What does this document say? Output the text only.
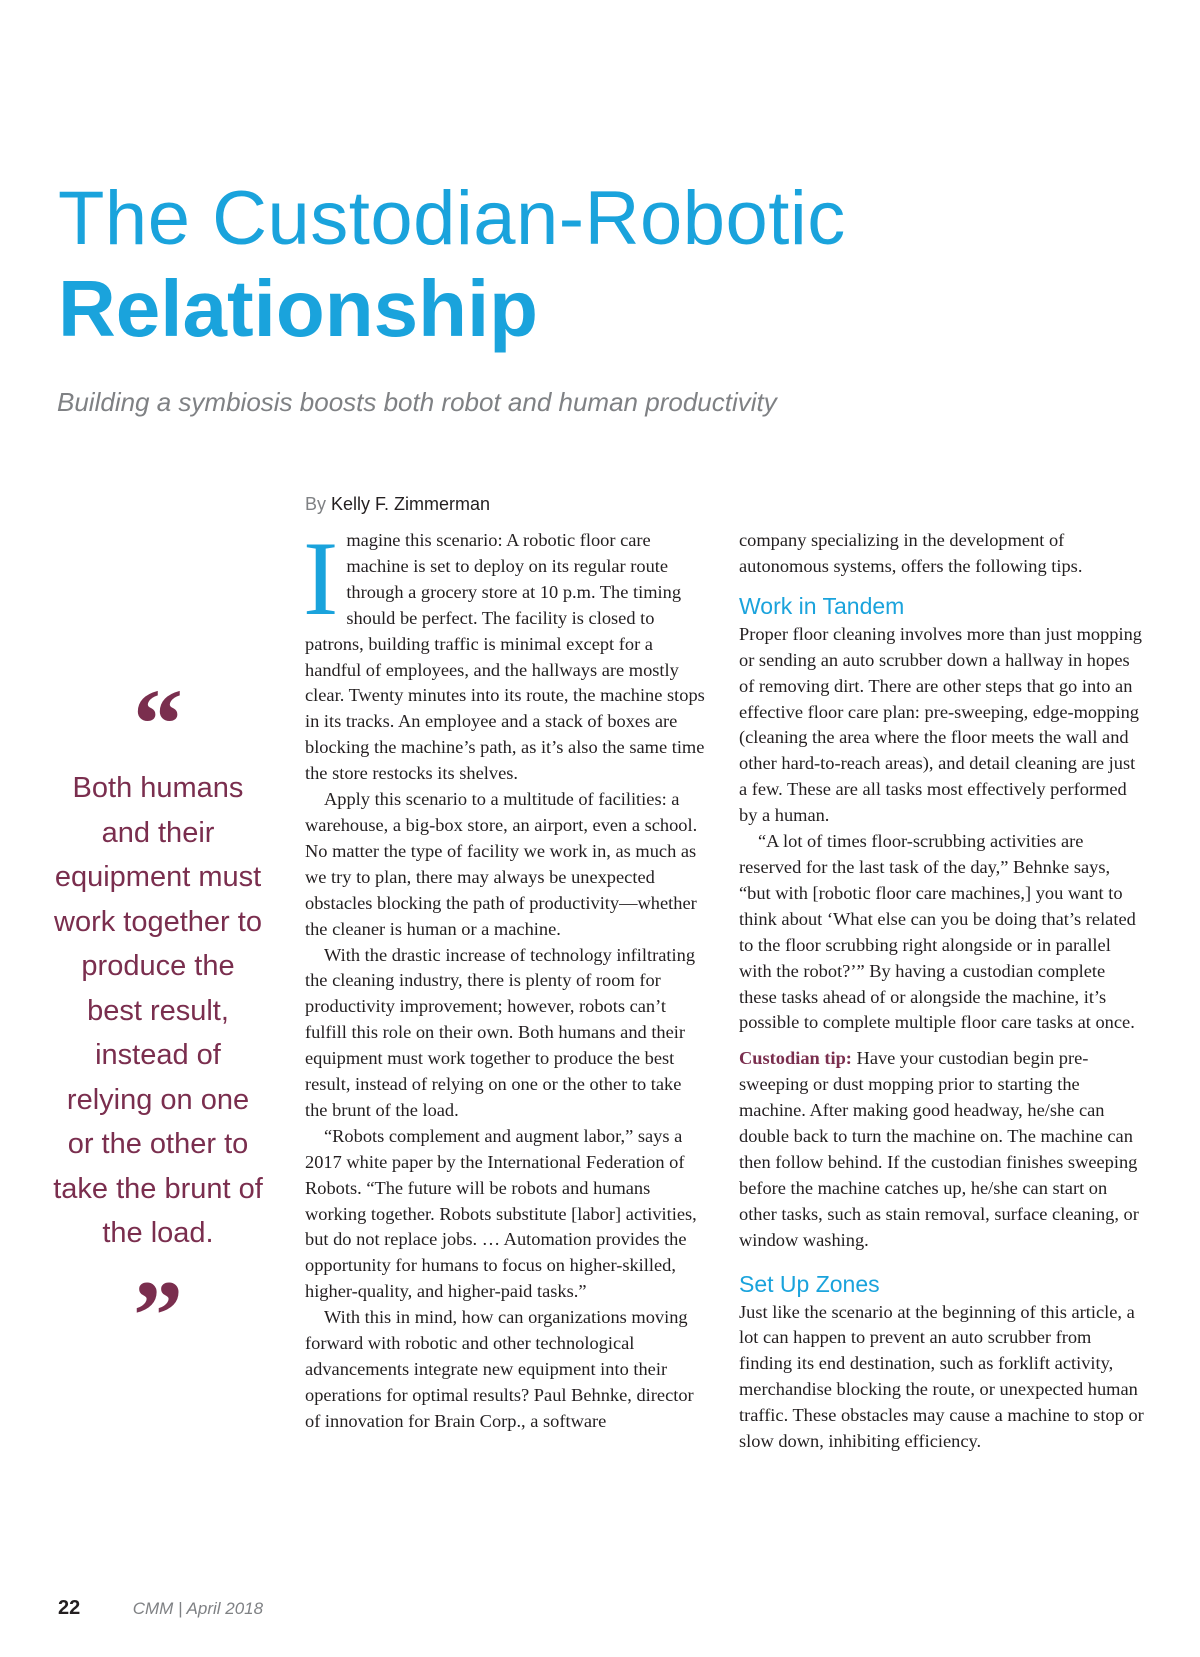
The Custodian-Robotic
Relationship

Building a symbiosis boosts both robot and human productivity

By Kelly F. Zimmerman
“
Both humans and their equipment must work together to produce the best result, instead of relying on one or the other to take the brunt of the load.
”

Imagine this scenario: A robotic floor care machine is set to deploy on its regular route through a grocery store at 10 p.m. The timing should be perfect. The facility is closed to patrons, building traffic is minimal except for a handful of employees, and the hallways are mostly clear. Twenty minutes into its route, the machine stops in its tracks. An employee and a stack of boxes are blocking the machine’s path, as it’s also the same time the store restocks its shelves.

Apply this scenario to a multitude of facilities: a warehouse, a big-box store, an airport, even a school. No matter the type of facility we work in, as much as we try to plan, there may always be unexpected obstacles blocking the path of productivity—whether the cleaner is human or a machine.

With the drastic increase of technology infiltrating the cleaning industry, there is plenty of room for productivity improvement; however, robots can’t fulfill this role on their own. Both humans and their equipment must work together to produce the best result, instead of relying on one or the other to take the brunt of the load.

“Robots complement and augment labor,” says a 2017 white paper by the International Federation of Robots. “The future will be robots and humans working together. Robots substitute [labor] activities, but do not replace jobs. … Automation provides the opportunity for humans to focus on higher-skilled, higher-quality, and higher-paid tasks.”

With this in mind, how can organizations moving forward with robotic and other technological advancements integrate new equipment into their operations for optimal results? Paul Behnke, director of innovation for Brain Corp., a software

company specializing in the development of autonomous systems, offers the following tips.

Work in Tandem

Proper floor cleaning involves more than just mopping or sending an auto scrubber down a hallway in hopes of removing dirt. There are other steps that go into an effective floor care plan: pre-sweeping, edge-mopping (cleaning the area where the floor meets the wall and other hard-to-reach areas), and detail cleaning are just a few. These are all tasks most effectively performed by a human.

“A lot of times floor-scrubbing activities are reserved for the last task of the day,” Behnke says, “but with [robotic floor care machines,] you want to think about ‘What else can you be doing that’s related to the floor scrubbing right alongside or in parallel with the robot?’” By having a custodian complete these tasks ahead of or alongside the machine, it’s possible to complete multiple floor care tasks at once.

Custodian tip: Have your custodian begin pre-sweeping or dust mopping prior to starting the machine. After making good headway, he/she can double back to turn the machine on. The machine can then follow behind. If the custodian finishes sweeping before the machine catches up, he/she can start on other tasks, such as stain removal, surface cleaning, or window washing.

Set Up Zones

Just like the scenario at the beginning of this article, a lot can happen to prevent an auto scrubber from finding its end destination, such as forklift activity, merchandise blocking the route, or unexpected human traffic. These obstacles may cause a machine to stop or slow down, inhibiting efficiency.

22	CMM | April 2018
